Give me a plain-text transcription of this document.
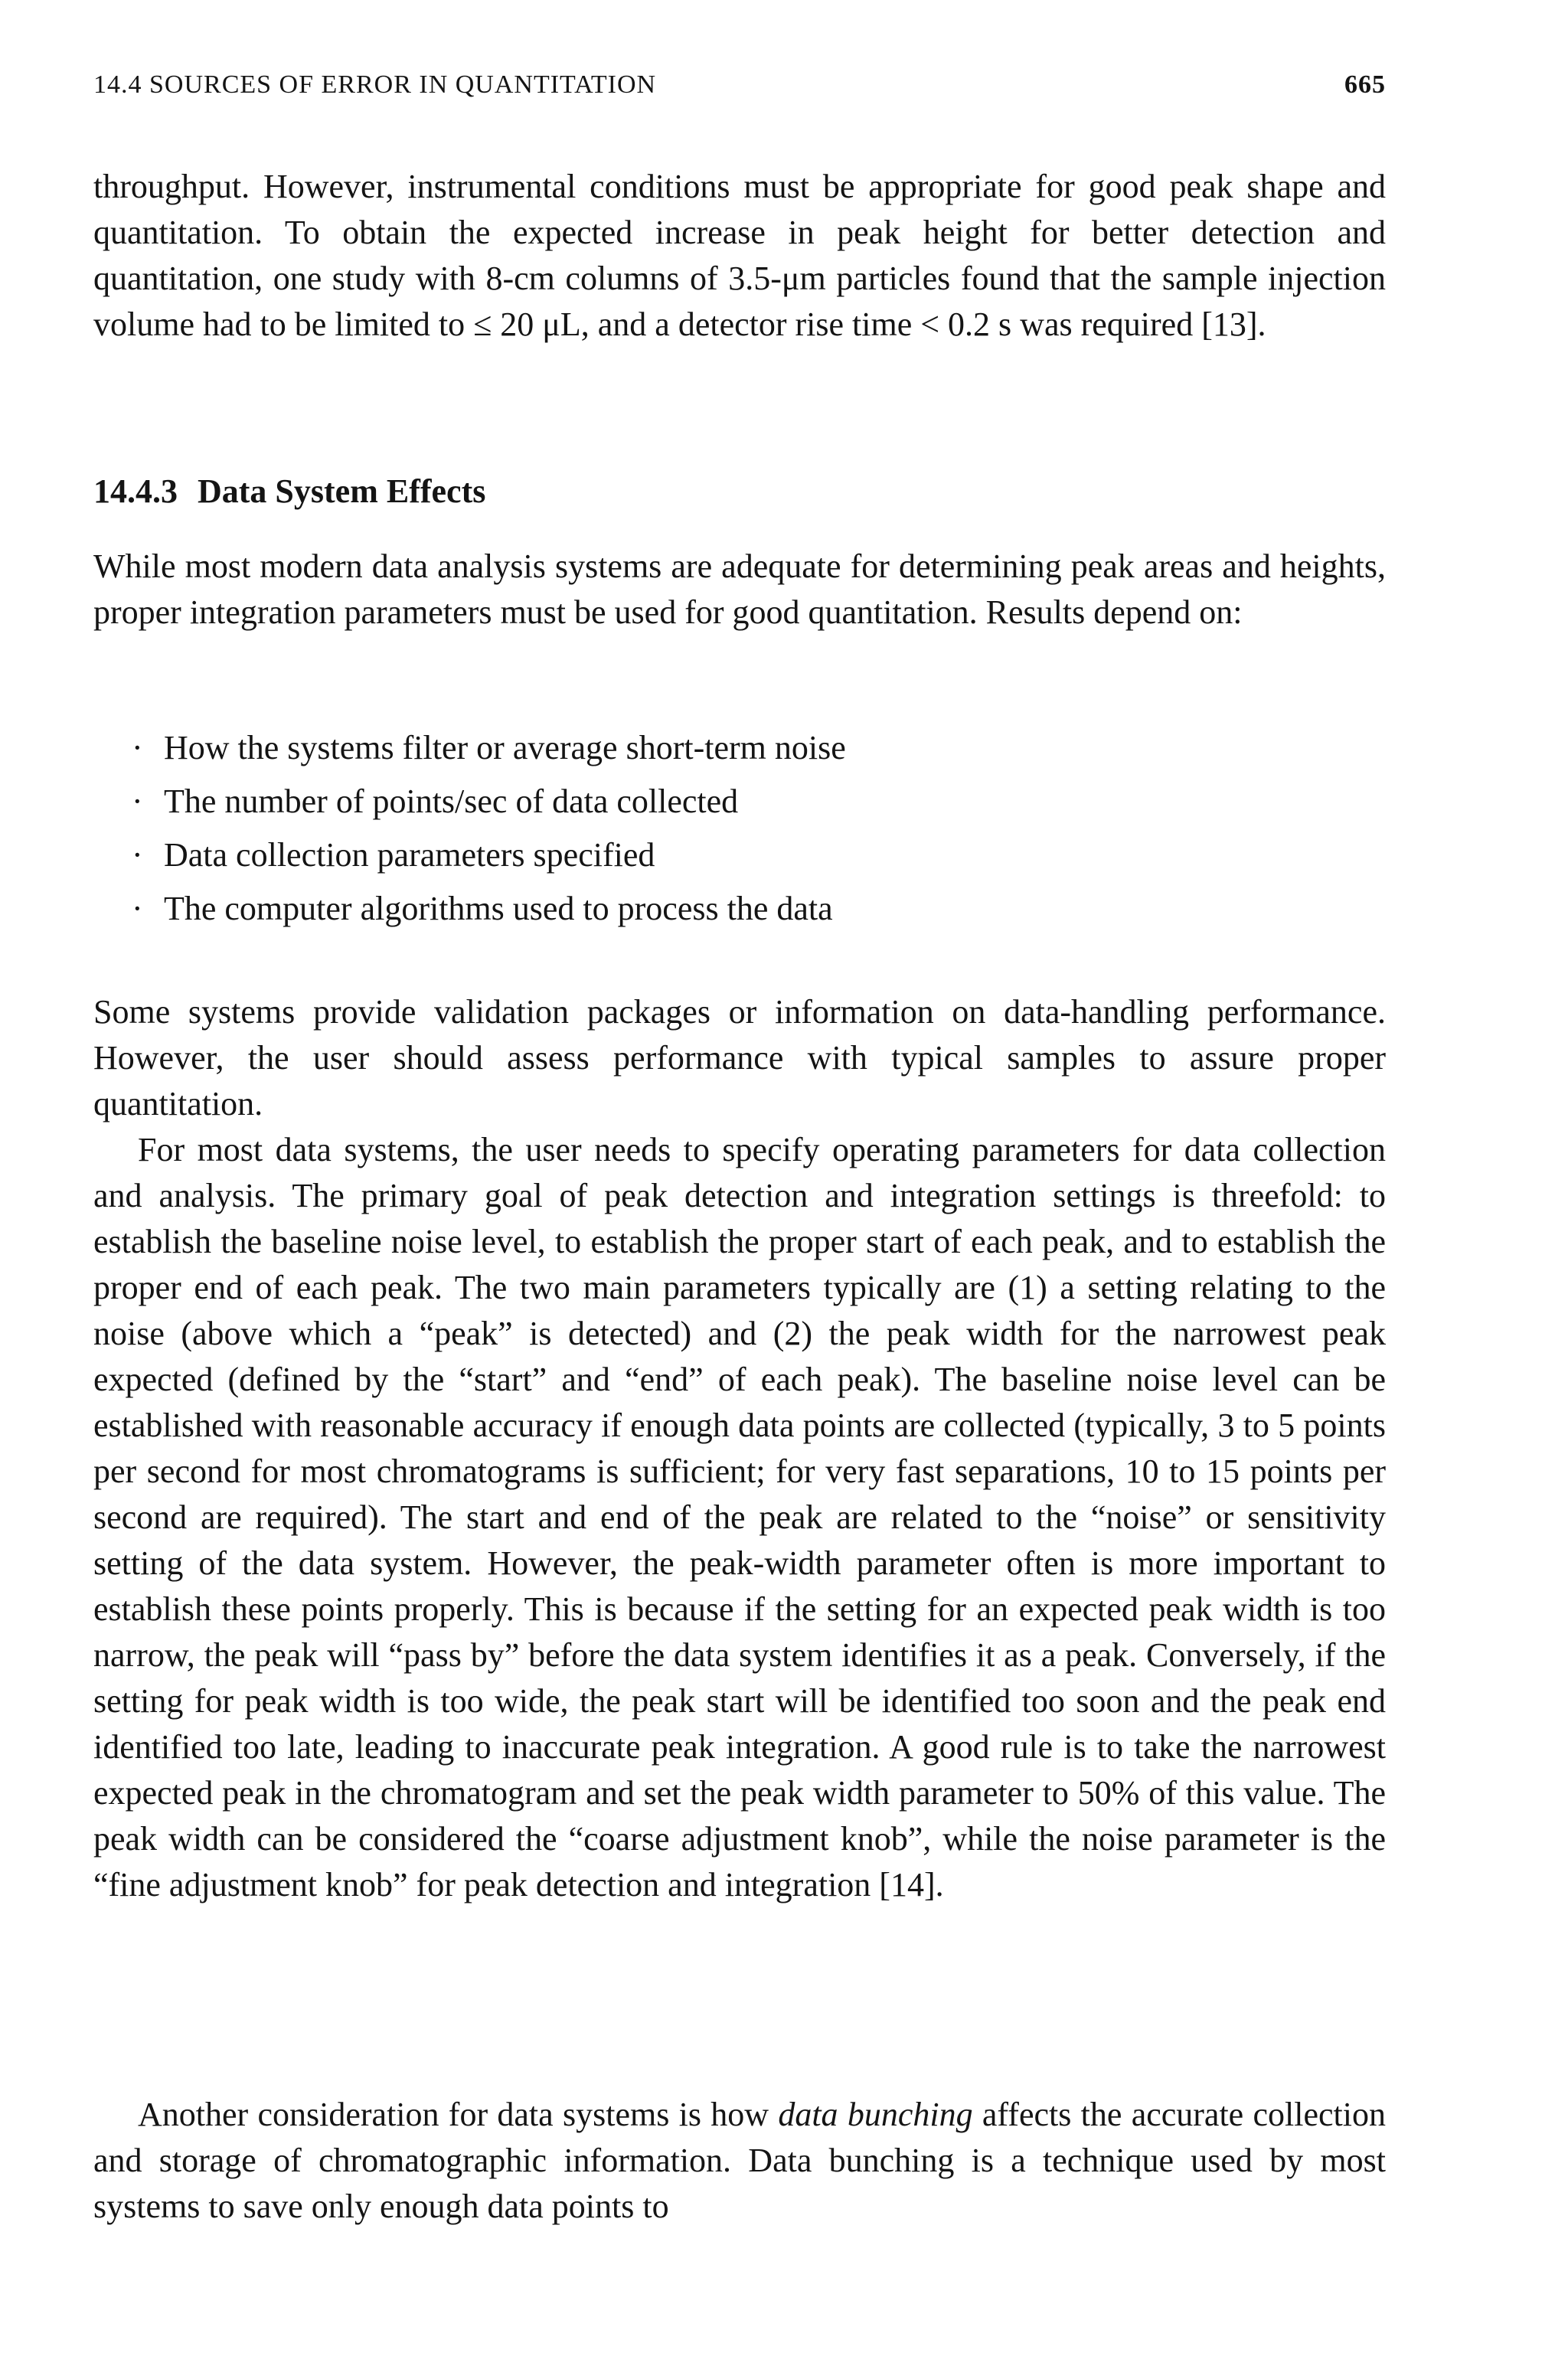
14.4 SOURCES OF ERROR IN QUANTITATION	665

throughput. However, instrumental conditions must be appropriate for good peak shape and quantitation. To obtain the expected increase in peak height for better detection and quantitation, one study with 8-cm columns of 3.5-μm particles found that the sample injection volume had to be limited to ≤ 20 μL, and a detector rise time < 0.2 s was required [13].

14.4.3 Data System Effects

While most modern data analysis systems are adequate for determining peak areas and heights, proper integration parameters must be used for good quantitation. Results depend on:

· How the systems filter or average short-term noise
· The number of points/sec of data collected
· Data collection parameters specified
· The computer algorithms used to process the data

Some systems provide validation packages or information on data-handling performance. However, the user should assess performance with typical samples to assure proper quantitation.

For most data systems, the user needs to specify operating parameters for data collection and analysis. The primary goal of peak detection and integration settings is threefold: to establish the baseline noise level, to establish the proper start of each peak, and to establish the proper end of each peak. The two main parameters typically are (1) a setting relating to the noise (above which a “peak” is detected) and (2) the peak width for the narrowest peak expected (defined by the “start” and “end” of each peak). The baseline noise level can be established with reasonable accuracy if enough data points are collected (typically, 3 to 5 points per second for most chromatograms is sufficient; for very fast separations, 10 to 15 points per second are required). The start and end of the peak are related to the “noise” or sensitivity setting of the data system. However, the peak-width parameter often is more important to establish these points properly. This is because if the setting for an expected peak width is too narrow, the peak will “pass by” before the data system identifies it as a peak. Conversely, if the setting for peak width is too wide, the peak start will be identified too soon and the peak end identified too late, leading to inaccurate peak integration. A good rule is to take the narrowest expected peak in the chromatogram and set the peak width parameter to 50% of this value. The peak width can be considered the “coarse adjustment knob”, while the noise parameter is the “fine adjustment knob” for peak detection and integration [14].

Another consideration for data systems is how data bunching affects the accurate collection and storage of chromatographic information. Data bunching is a technique used by most systems to save only enough data points to
